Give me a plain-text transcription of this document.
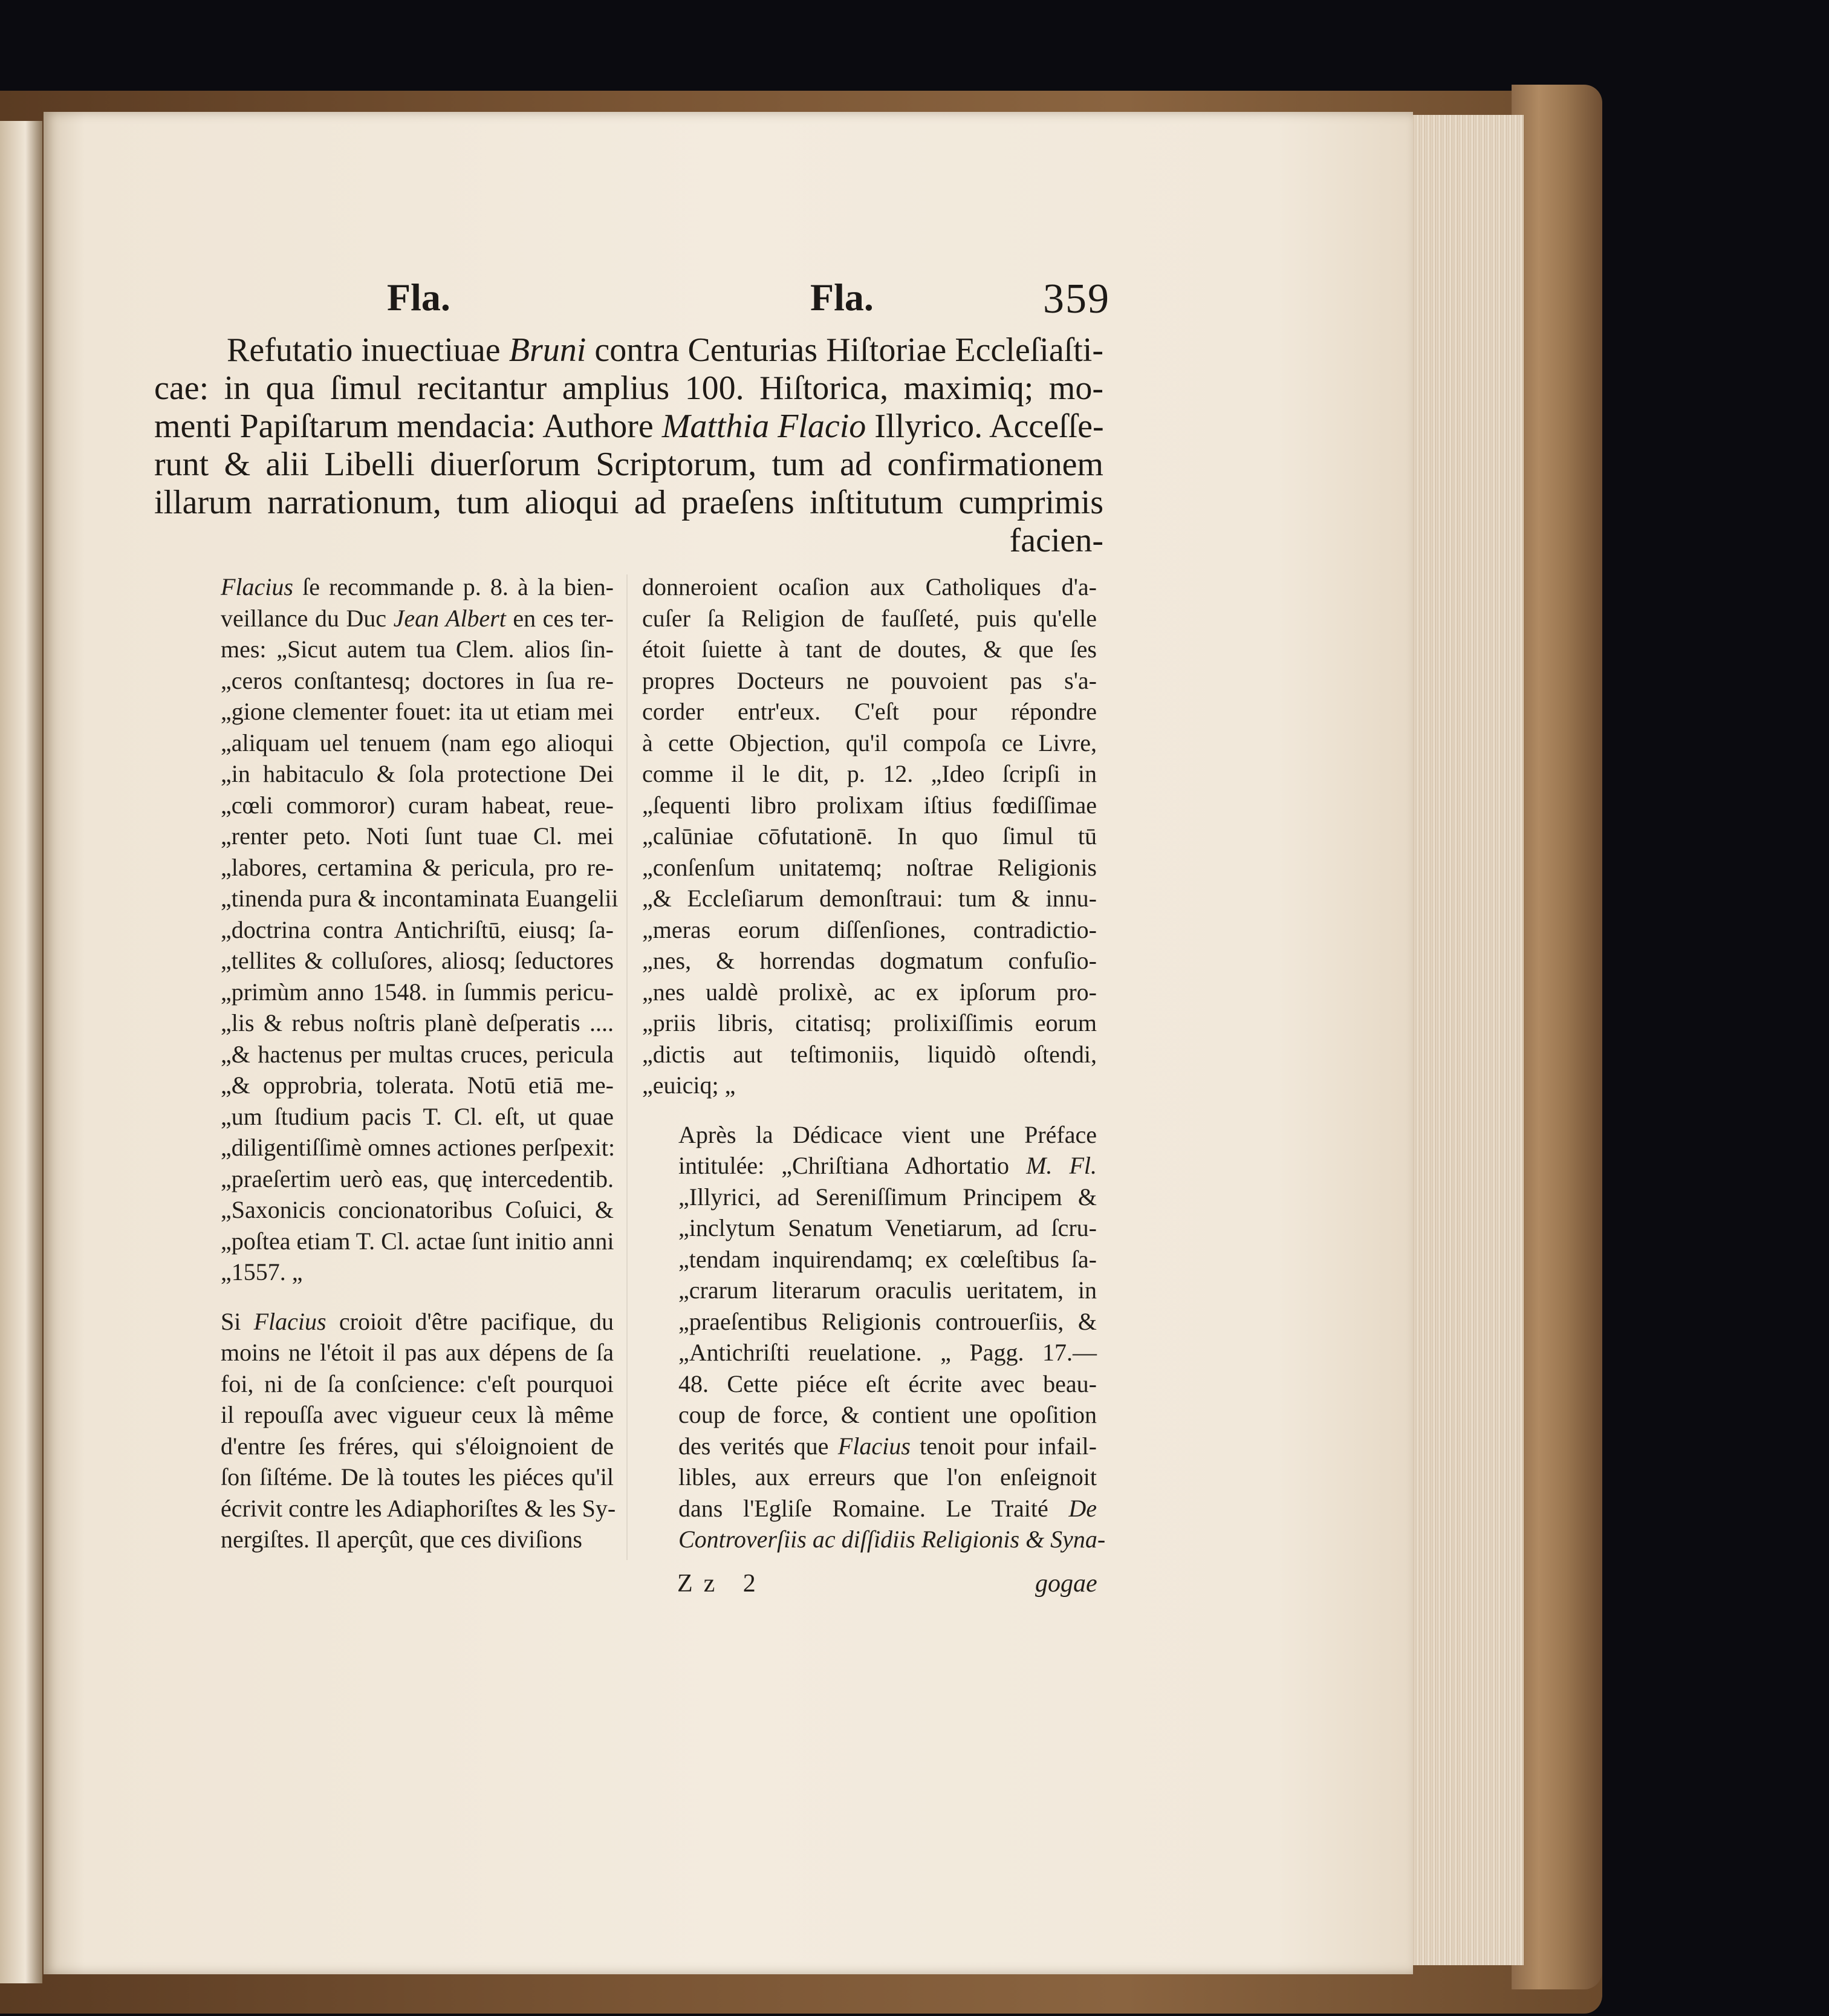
Fla.	Fla.	359
Refutatio inuectiuae Bruni contra Centurias Hiſtoriae Eccleſiaſti-
cae: in qua ſimul recitantur amplius 100. Hiſtorica, maximiq; mo-
menti Papiſtarum mendacia: Authore Matthia Flacio Illyrico. Acceſſe-
runt & alii Libelli diuerſorum Scriptorum, tum ad confirmationem
illarum narrationum, tum alioqui ad praeſens inſtitutum cumprimis
facien-

Flacius ſe recommande p. 8. à la bien-
veillance du Duc Jean Albert en ces ter-
mes: „Sicut autem tua Clem. alios ſin-
„ceros conſtantesq; doctores in ſua re-
„gione clementer fouet: ita ut etiam mei
„aliquam uel tenuem (nam ego alioqui
„in habitaculo & ſola protectione Dei
„cœli commoror) curam habeat, reue-
„renter peto. Noti ſunt tuae Cl. mei
„labores, certamina & pericula, pro re-
„tinenda pura & incontaminata Euangelii
„doctrina contra Antichriſtū, eiusq; ſa-
„tellites & colluſores, aliosq; ſeductores
„primùm anno 1548. in ſummis pericu-
„lis & rebus noſtris planè deſperatis ....
„& hactenus per multas cruces, pericula
„& opprobria, tolerata. Notū etiā me-
„um ſtudium pacis T. Cl. eſt, ut quae
„diligentiſſimè omnes actiones perſpexit:
„praeſertim uerò eas, quę intercedentib.
„Saxonicis concionatoribus Coſuici, &
„poſtea etiam T. Cl. actae ſunt initio anni
„1557. „

Si Flacius croioit d'être pacifique, du
moins ne l'étoit il pas aux dépens de ſa
foi, ni de ſa conſcience: c'eſt pourquoi
il repouſſa avec vigueur ceux là même
d'entre ſes fréres, qui s'éloignoient de
ſon ſiſtéme. De là toutes les piéces qu'il
écrivit contre les Adiaphoriſtes & les Sy-
nergiſtes. Il aperçût, que ces diviſions

donneroient ocaſion aux Catholiques d'a-
cuſer ſa Religion de fauſſeté, puis qu'elle
étoit ſuiette à tant de doutes, & que ſes
propres Docteurs ne pouvoient pas s'a-
corder entr'eux. C'eſt pour répondre
à cette Objection, qu'il compoſa ce Livre,
comme il le dit, p. 12. „Ideo ſcripſi in
„ſequenti libro prolixam iſtius fœdiſſimae
„calūniae cōfutationē. In quo ſimul tū
„conſenſum unitatemq; noſtrae Religionis
„& Eccleſiarum demonſtraui: tum & innu-
„meras eorum diſſenſiones, contradictio-
„nes, & horrendas dogmatum confuſio-
„nes ualdè prolixè, ac ex ipſorum pro-
„priis libris, citatisq; prolixiſſimis eorum
„dictis aut teſtimoniis, liquidò oſtendi,
„euiciq; „

Après la Dédicace vient une Préface
intitulée: „Chriſtiana Adhortatio M. Fl.
„Illyrici, ad Sereniſſimum Principem &
„inclytum Senatum Venetiarum, ad ſcru-
„tendam inquirendamq; ex cœleſtibus ſa-
„crarum literarum oraculis ueritatem, in
„praeſentibus Religionis controuerſiis, &
„Antichriſti reuelatione. „ Pagg. 17.—
48. Cette piéce eſt écrite avec beau-
coup de force, & contient une opoſition
des verités que Flacius tenoit pour infail-
libles, aux erreurs que l'on enſeignoit
dans l'Egliſe Romaine. Le Traité De
Controverſiis ac diſſidiis Religionis & Syna-

Zz 2	gogae
